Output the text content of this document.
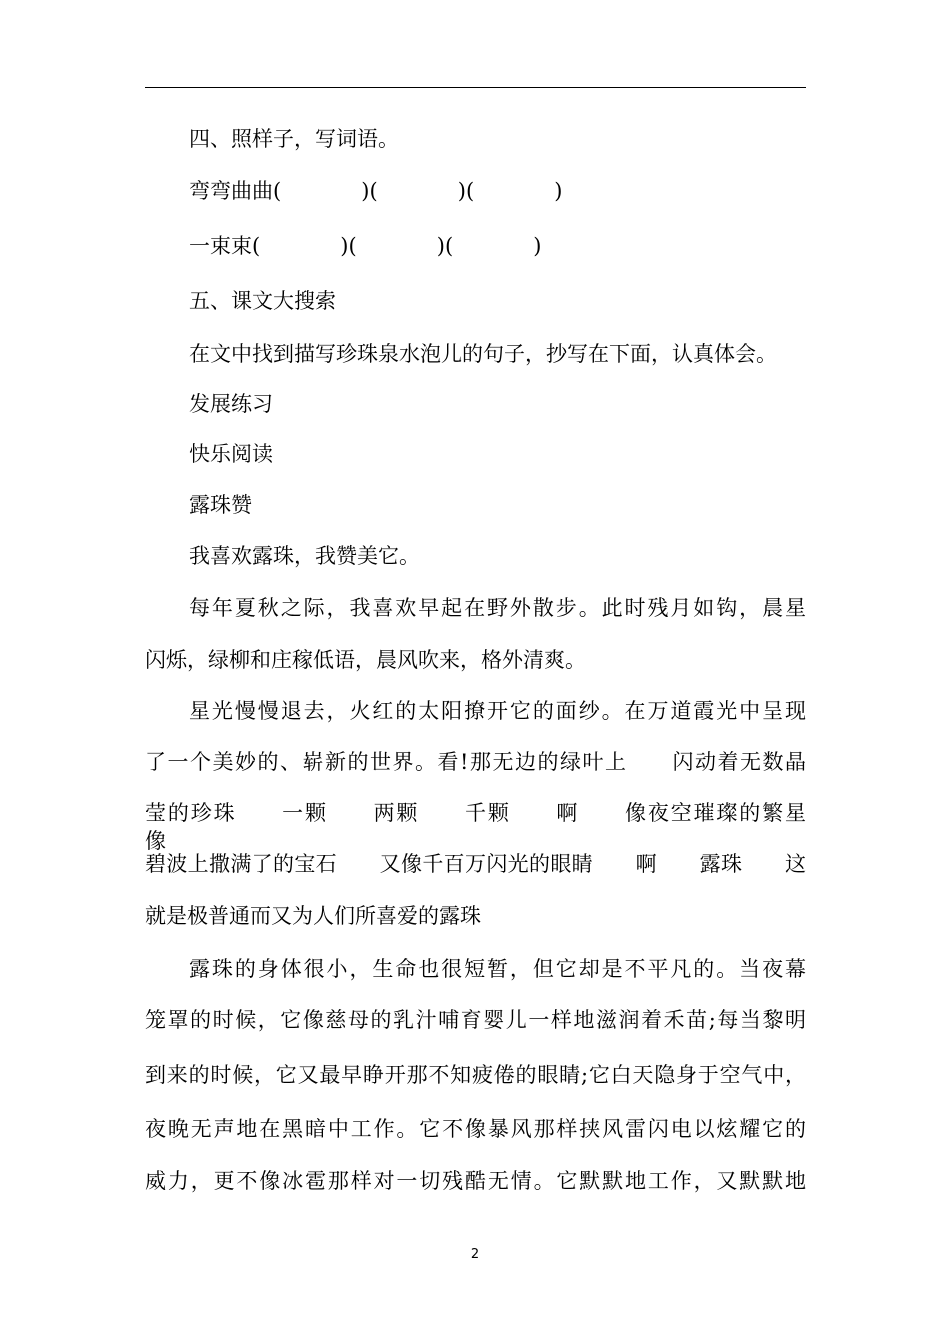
四、照样子，写词语。
弯弯曲曲(            )(            )(            )
一束束(            )(            )(            )
五、课文大搜索
在文中找到描写珍珠泉水泡儿的句子，抄写在下面，认真体会。
发展练习
快乐阅读
露珠赞
我喜欢露珠，我赞美它。
每年夏秋之际，我喜欢早起在野外散步。此时残月如钩，晨星
闪烁，绿柳和庄稼低语，晨风吹来，格外清爽。
星光慢慢退去，火红的太阳撩开它的面纱。在万道霞光中呈现
了一个美妙的、崭新的世界。看!那无边的绿叶上　　闪动着无数晶
莹的珍珠　　一颗　　两颗　　千颗　　啊　　像夜空璀璨的繁星　　像
碧波上撒满了的宝石　　又像千百万闪光的眼睛　　啊　　露珠　　这
就是极普通而又为人们所喜爱的露珠
露珠的身体很小，生命也很短暂，但它却是不平凡的。当夜幕
笼罩的时候，它像慈母的乳汁哺育婴儿一样地滋润着禾苗;每当黎明
到来的时候，它又最早睁开那不知疲倦的眼睛;它白天隐身于空气中，
夜晚无声地在黑暗中工作。它不像暴风那样挟风雷闪电以炫耀它的
威力，更不像冰雹那样对一切残酷无情。它默默地工作，又默默地
2
